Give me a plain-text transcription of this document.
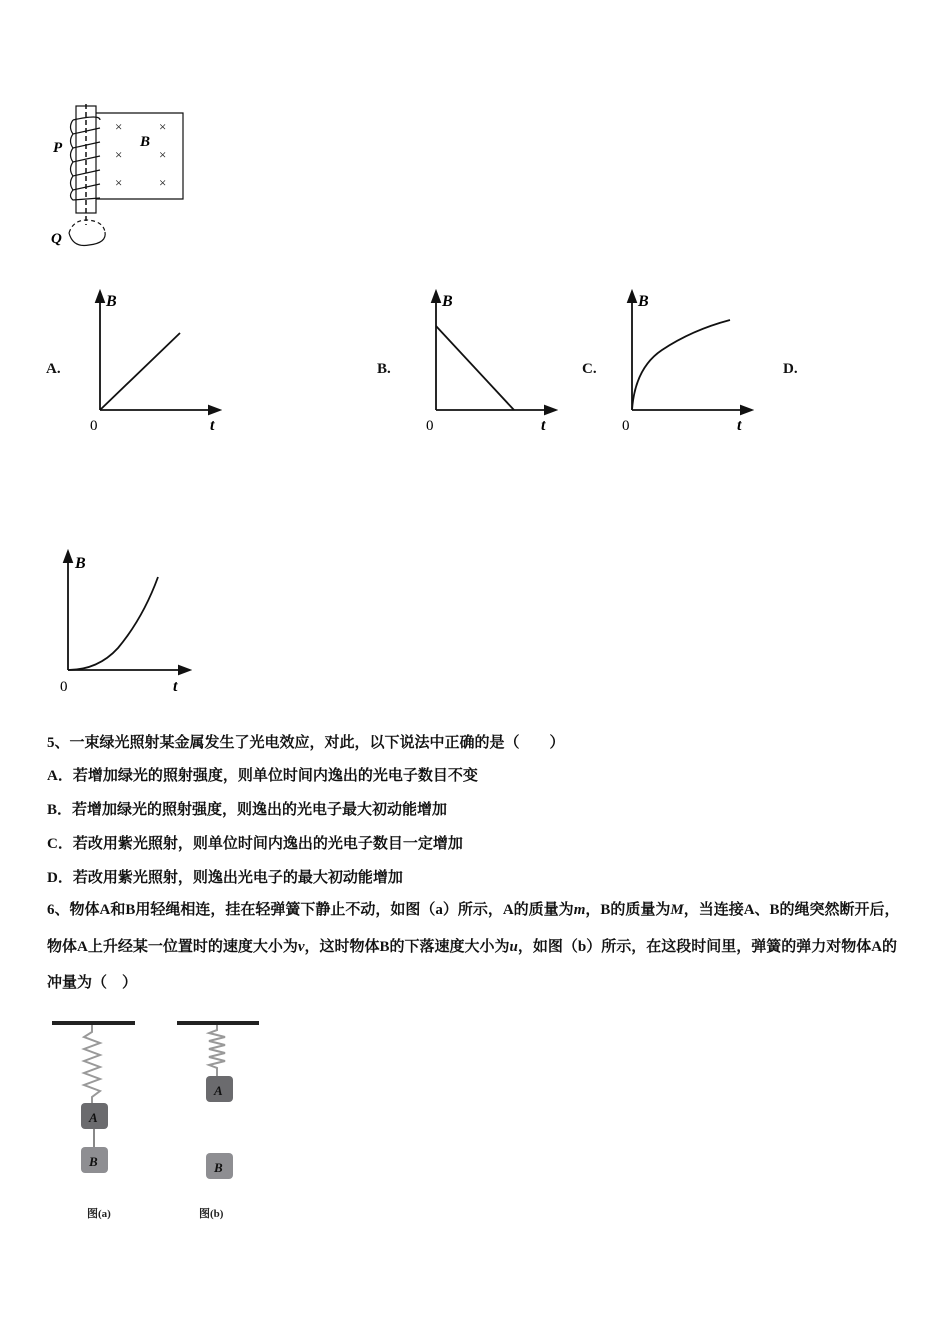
×	×
×	×
×	×
B
P
Q
A.	B.	C.	D.
B
0	t
B
0	t
B
0	t
B
0	t
5、一束绿光照射某金属发生了光电效应，对此，以下说法中正确的是（　　）
A．若增加绿光的照射强度，则单位时间内逸出的光电子数目不变
B．若增加绿光的照射强度，则逸出的光电子最大初动能增加
C．若改用紫光照射，则单位时间内逸出的光电子数目一定增加
D．若改用紫光照射，则逸出光电子的最大初动能增加
6、物体A和B用轻绳相连，挂在轻弹簧下静止不动，如图（a）所示，A的质量为m，B的质量为M，当连接A、B的绳突然断开后，物体A上升经某一位置时的速度大小为v，这时物体B的下落速度大小为u，如图（b）所示，在这段时间里，弹簧的弹力对物体A的冲量为（　）
A
B
图(a)
A
B
图(b)
